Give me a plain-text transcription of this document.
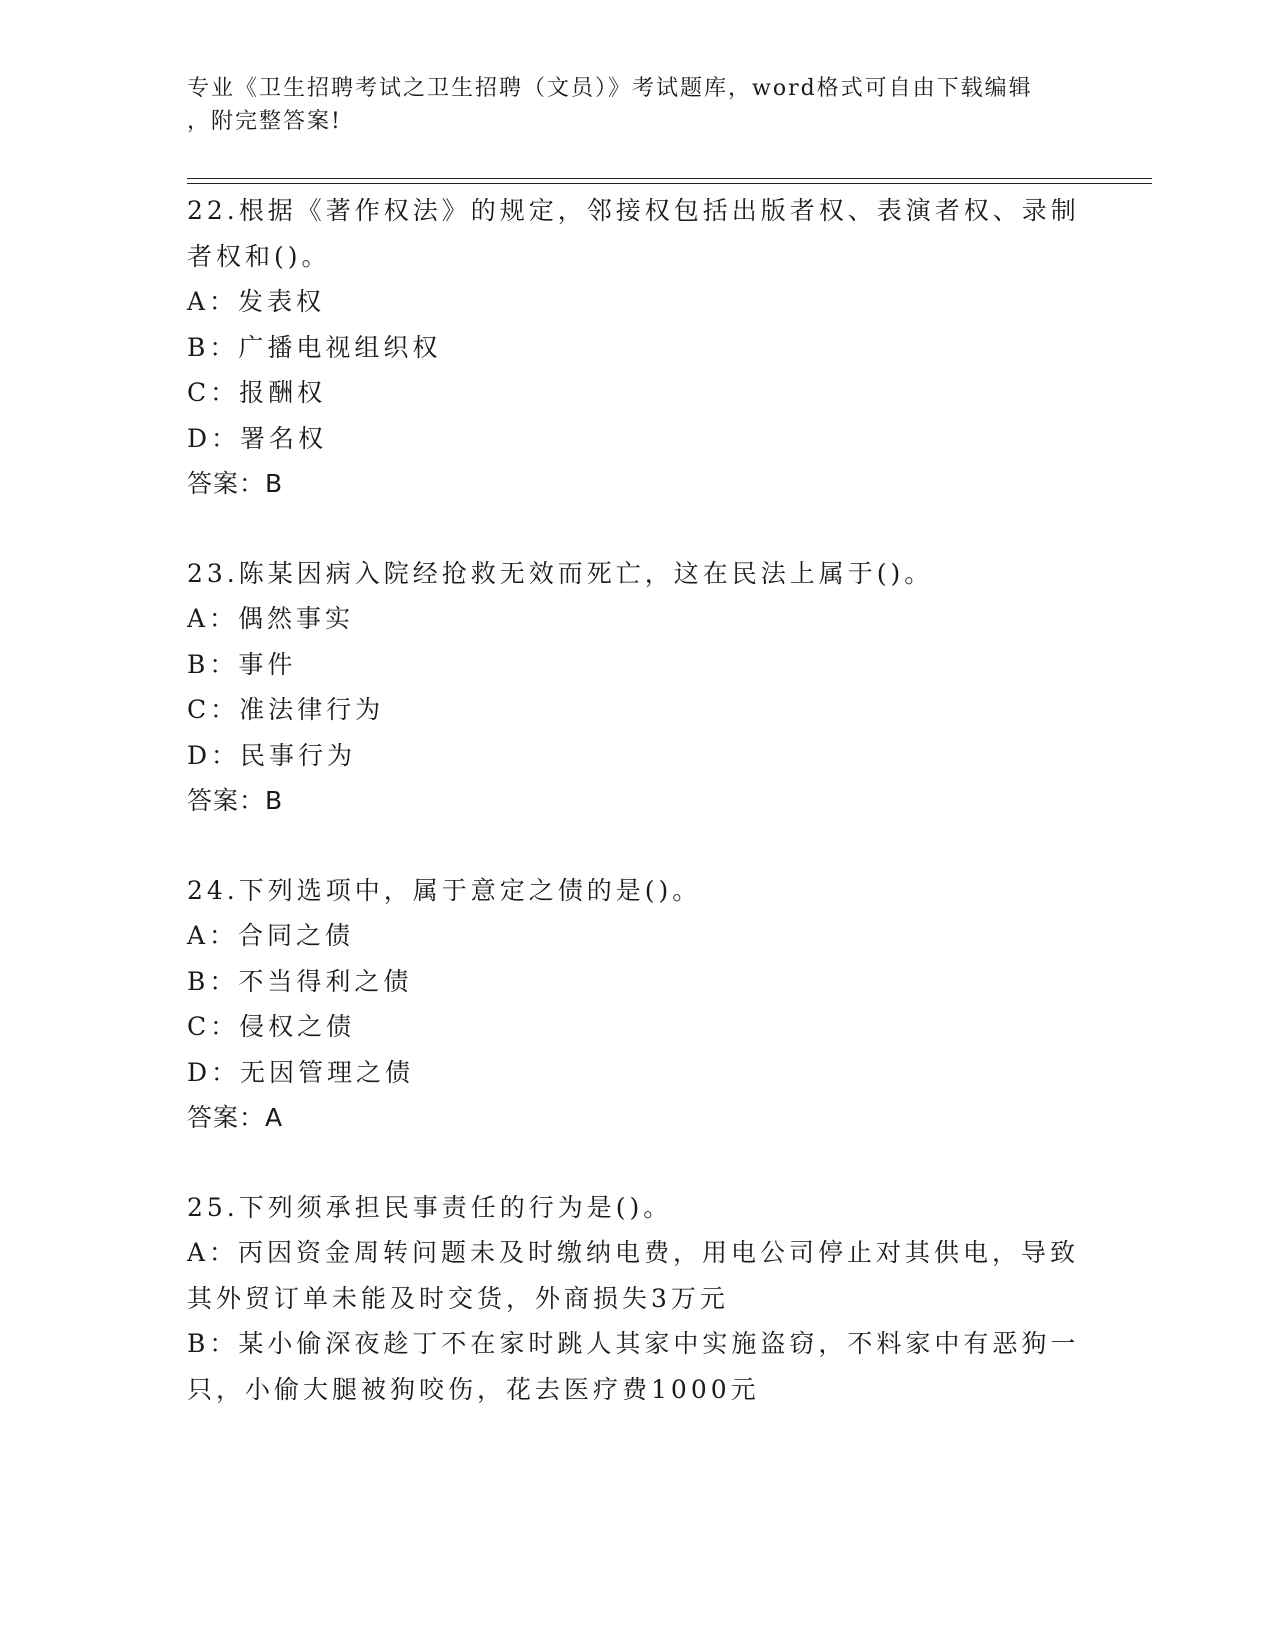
专业《卫生招聘考试之卫生招聘（文员）》考试题库，word格式可自由下载编辑
，附完整答案!

22.根据《著作权法》的规定，邻接权包括出版者权、表演者权、录制

者权和()。

A：发表权

B：广播电视组织权

C：报酬权

D：署名权

答案：B

23.陈某因病入院经抢救无效而死亡，这在民法上属于()。

A：偶然事实

B：事件

C：准法律行为

D：民事行为

答案：B

24.下列选项中，属于意定之债的是()。

A：合同之债

B：不当得利之债

C：侵权之债

D：无因管理之债

答案：A

25.下列须承担民事责任的行为是()。

A：丙因资金周转问题未及时缴纳电费，用电公司停止对其供电，导致

其外贸订单未能及时交货，外商损失3万元

B：某小偷深夜趁丁不在家时跳人其家中实施盗窃，不料家中有恶狗一

只，小偷大腿被狗咬伤，花去医疗费1000元
